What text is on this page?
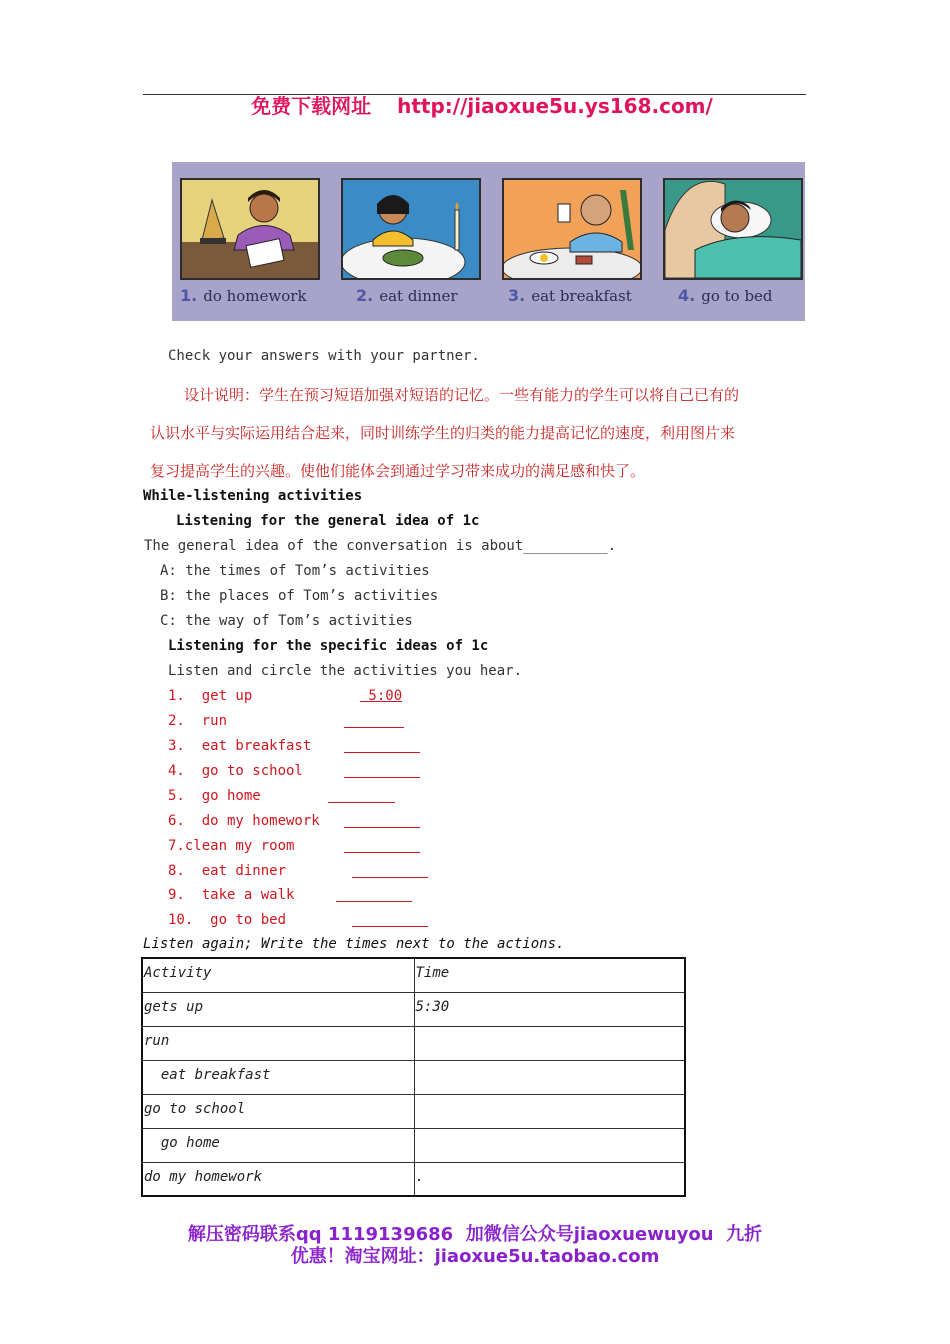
免费下载网址 http://jiaoxue5u.ys168.com/

1. do homework	2. eat dinner	3. eat breakfast	4. go to bed
Check your answers with your partner.
设计说明：学生在预习短语加强对短语的记忆。一些有能力的学生可以将自己已有的
认识水平与实际运用结合起来，同时训练学生的归类的能力提高记忆的速度，利用图片来
复习提高学生的兴趣。使他们能体会到通过学习带来成功的满足感和快了。
While-listening activities
Listening for the general idea of 1c
The general idea of the conversation is about__________.
A: the times of Tom’s activities
B: the places of Tom’s activities
C: the way of Tom’s activities
Listening for the specific ideas of 1c
Listen and circle the activities you hear.
1.  get up	5:00
2.  run
3.  eat breakfast
4.  go to school
5.  go home
6.  do my homework
7.clean my room
8.  eat dinner
9.  take a walk
10.  go to bed
Listen again; Write the times next to the actions.
Activity	Time
gets up	5:30
run	
eat breakfast	
go to school	
go home	
do my homework	.
解压密码联系qq 1119139686  加微信公众号jiaoxuewuyou  九折
优惠！淘宝网址：jiaoxue5u.taobao.com
